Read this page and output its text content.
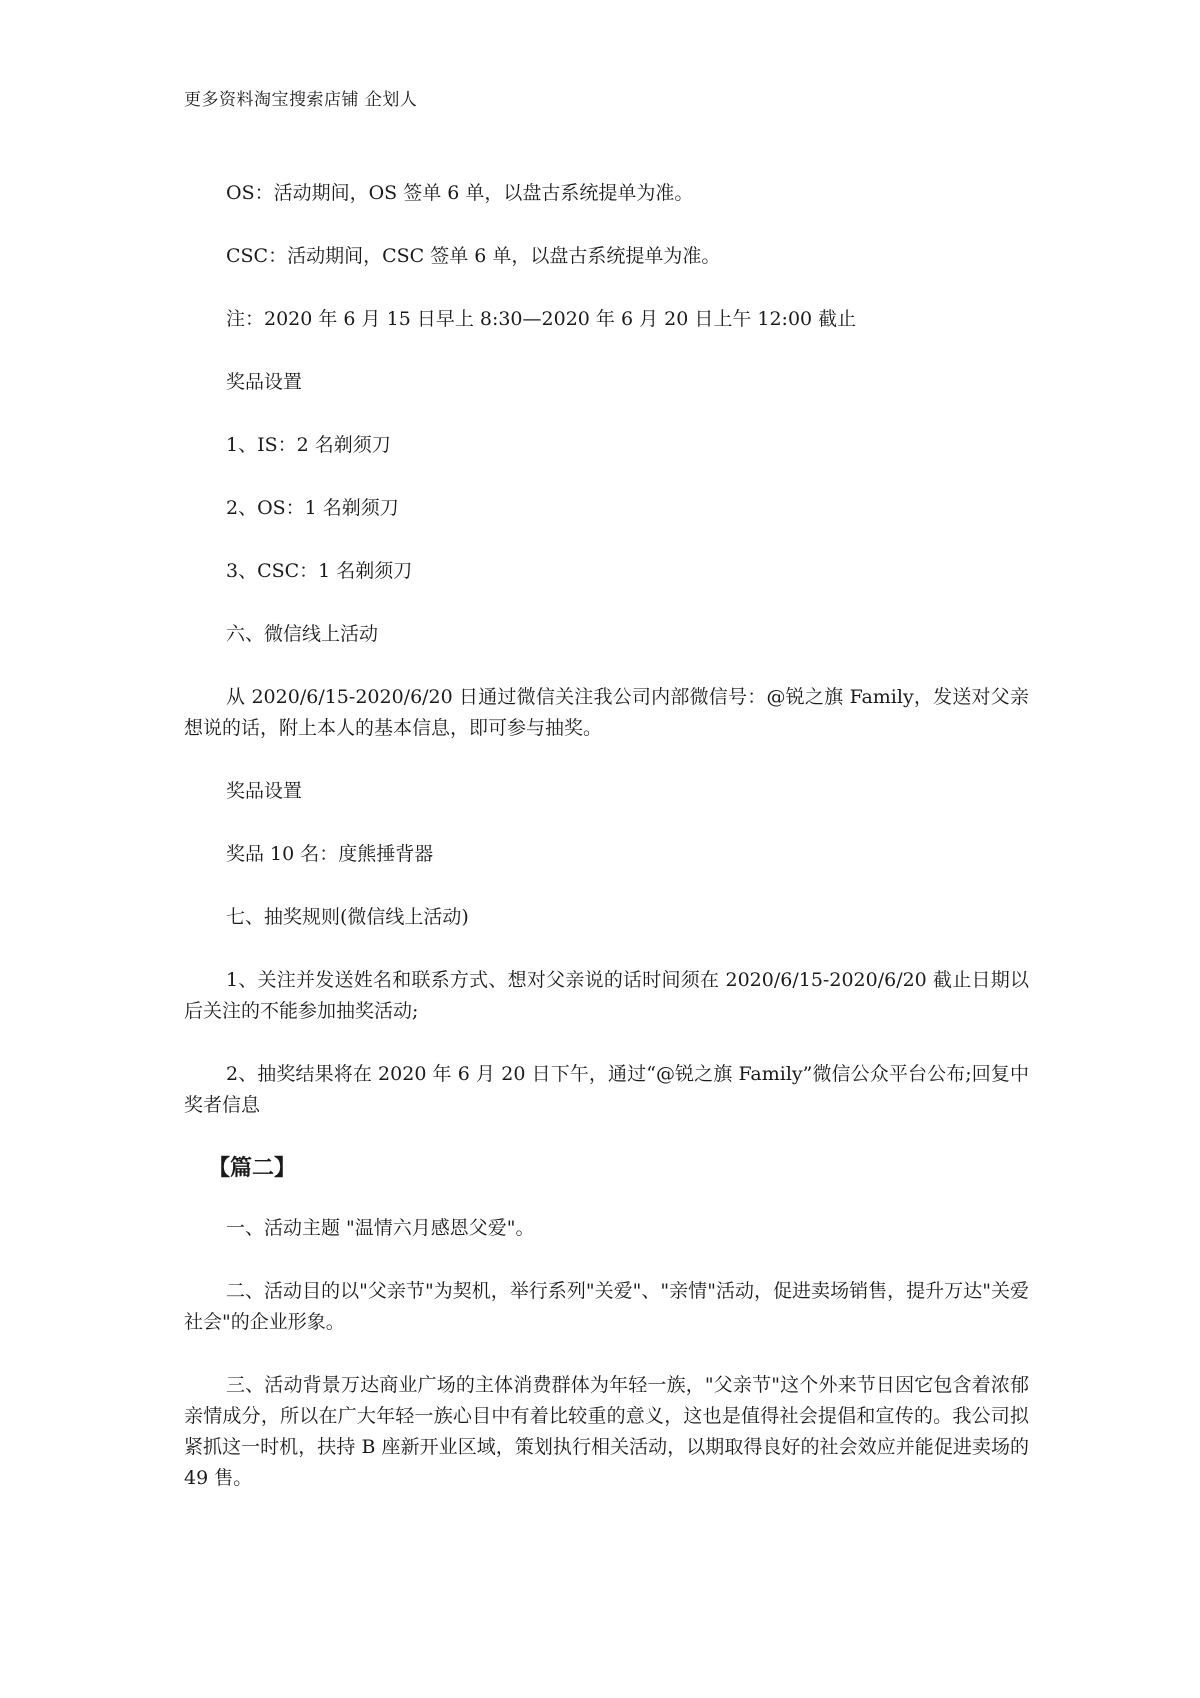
更多资料淘宝搜索店铺 企划人

OS：活动期间，OS 签单 6 单，以盘古系统提单为准。

CSC：活动期间，CSC 签单 6 单，以盘古系统提单为准。

注：2020 年 6 月 15 日早上 8:30—2020 年 6 月 20 日上午 12:00 截止

奖品设置

1、IS：2 名剃须刀

2、OS：1 名剃须刀

3、CSC：1 名剃须刀

六、微信线上活动

从 2020/6/15-2020/6/20 日通过微信关注我公司内部微信号：@锐之旗 Family，发送对父亲想说的话，附上本人的基本信息，即可参与抽奖。

奖品设置

奖品 10 名：度熊捶背器

七、抽奖规则(微信线上活动)

1、关注并发送姓名和联系方式、想对父亲说的话时间须在 2020/6/15-2020/6/20 截止日期以后关注的不能参加抽奖活动;

2、抽奖结果将在 2020 年 6 月 20 日下午，通过“@锐之旗 Family”微信公众平台公布;回复中奖者信息

【篇二】

一、活动主题 "温情六月感恩父爱"。

二、活动目的以"父亲节"为契机，举行系列"关爱"、"亲情"活动，促进卖场销售，提升万达"关爱社会"的企业形象。

三、活动背景万达商业广场的主体消费群体为年轻一族，"父亲节"这个外来节日因它包含着浓郁亲情成分，所以在广大年轻一族心目中有着比较重的意义，这也是值得社会提倡和宣传的。我公司拟紧抓这一时机，扶持 B 座新开业区域，策划执行相关活动，以期取得良好的社会效应并能促进卖场的 49 售。
